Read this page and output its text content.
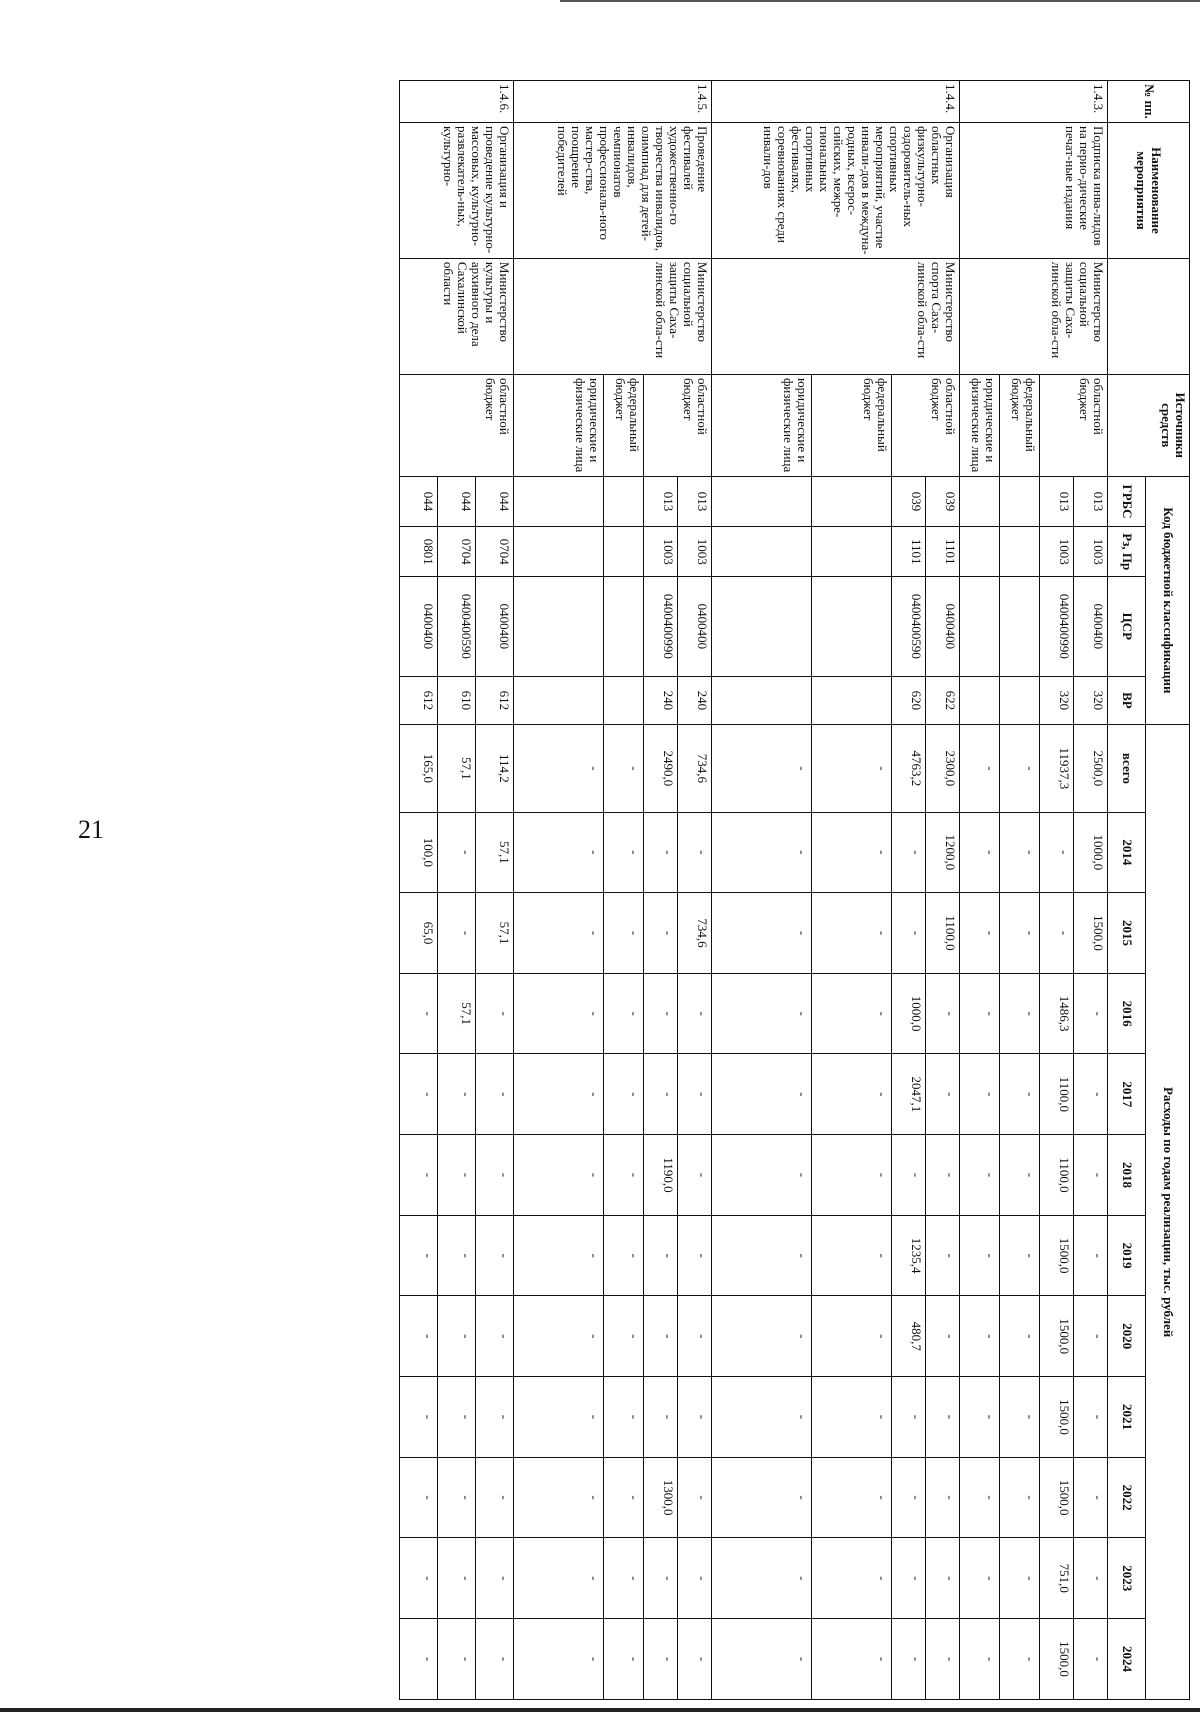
21
№ пп.	Наименование мероприятия		Источники средств	Код бюджетной классификации				Расходы по годам реализации, тыс. рублей											
				ГРБС	Рз, Пр	ЦСР	ВР	всего	2014	2015	2016	2017	2018	2019	2020	2021	2022	2023	2024
1.4.3.	Подписка инва-лидов на перио-дические печат-ные издания	Министерство социальной защиты Саха-линской обла-сти	областной бюджет	013	1003	0400400	320	2500,0	1000,0	1500,0	-	-	-	-	-	-	-	-	-
				013	1003	0400400990	320	11937,3	-	-	1486,3	1100,0	1100,0	1500,0	1500,0	1500,0	1500,0	751,0	1500,0
			федеральный бюджет					-	-	-	-	-	-	-	-	-	-	-	-
			юридические и физические лица					-	-	-	-	-	-	-	-	-	-	-	-
1.4.4.	Организация областных физкультурно-оздоровитель-ных спортивных мероприятий, участие инвали-дов в междуна-родных, всерос-сийских, межре-гиональных спортивных фестивалях, соревнованиях среди инвали-дов	Министерство спорта Саха-линской обла-сти	областной бюджет	039	1101	0400400	622	2300,0	1200,0	1100,0	-	-	-	-	-	-	-	-	-
				039	1101	0400400590	620	4763,2	-	-	1000,0	2047,1	-	1235,4	480,7	-	-	-	-
			федеральный бюджет					-	-	-	-	-	-	-	-	-	-	-	-
			юридические и физические лица					-	-	-	-	-	-	-	-	-	-	-	-
1.4.5.	Проведение фестивалей художественно-го творчества инвалидов, олимпиад для детей-инвалидов, чемпионатов профессиональ-ного мастер-ства, поощрение победителей	Министерство социальной защиты Саха-линской обла-сти	областной бюджет	013	1003	0400400	240	734,6	-	734,6	-	-	-	-	-	-	-	-	-
				013	1003	0400400990	240	2490,0	-	-	-	-	1190,0	-	-	-	1300,0	-	-
			федеральный бюджет					-	-	-	-	-	-	-	-	-	-	-	-
			юридические и физические лица					-	-	-	-	-	-	-	-	-	-	-	-
1.4.6.	Организация и проведение культурно-массовых, культурно-развлекатель-ных, культурно-	Министерство культуры и архивного дела Сахалинской области	областной бюджет	044	0704	0400400	612	114,2	57,1	57,1	-	-	-	-	-	-	-	-	-
				044	0704	0400400590	610	57,1	-	-	57,1	-	-	-	-	-	-	-	-
				044	0801	0400400	612	165,0	100,0	65,0	-	-	-	-	-	-	-	-	-
